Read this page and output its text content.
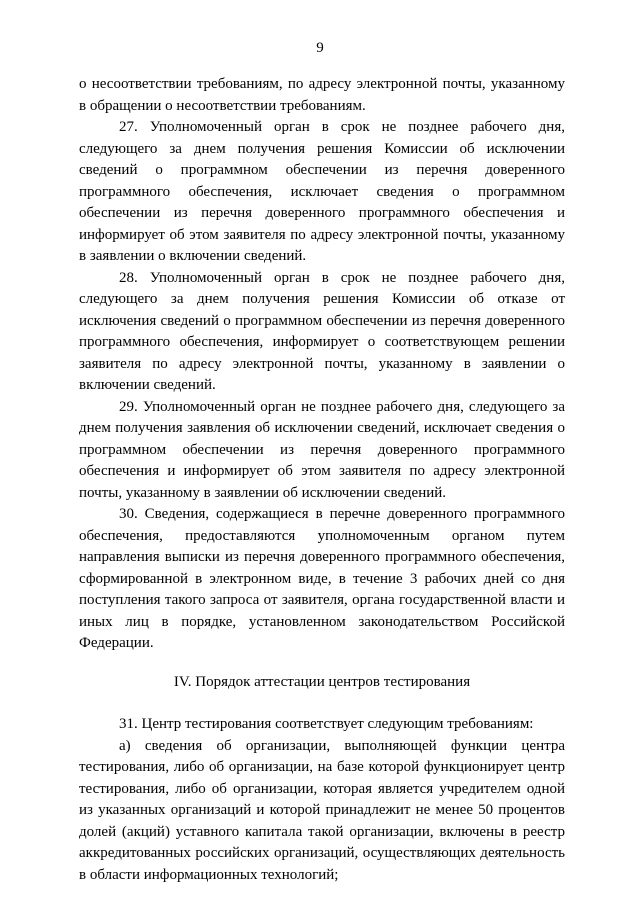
9

о несоответствии требованиям, по адресу электронной почты, указанному в обращении о несоответствии требованиям.

27. Уполномоченный орган в срок не позднее рабочего дня, следующего за днем получения решения Комиссии об исключении сведений о программном обеспечении из перечня доверенного программного обеспечения, исключает сведения о программном обеспечении из перечня доверенного программного обеспечения и информирует об этом заявителя по адресу электронной почты, указанному в заявлении о включении сведений.

28. Уполномоченный орган в срок не позднее рабочего дня, следующего за днем получения решения Комиссии об отказе от исключения сведений о программном обеспечении из перечня доверенного программного обеспечения, информирует о соответствующем решении заявителя по адресу электронной почты, указанному в заявлении о включении сведений.

29. Уполномоченный орган не позднее рабочего дня, следующего за днем получения заявления об исключении сведений, исключает сведения о программном обеспечении из перечня доверенного программного обеспечения и информирует об этом заявителя по адресу электронной почты, указанному в заявлении об исключении сведений.

30. Сведения, содержащиеся в перечне доверенного программного обеспечения, предоставляются уполномоченным органом путем направления выписки из перечня доверенного программного обеспечения, сформированной в электронном виде, в течение 3 рабочих дней со дня поступления такого запроса от заявителя, органа государственной власти и иных лиц в порядке, установленном законодательством Российской Федерации.

IV. Порядок аттестации центров тестирования

31. Центр тестирования соответствует следующим требованиям:

а) сведения об организации, выполняющей функции центра тестирования, либо об организации, на базе которой функционирует центр тестирования, либо об организации, которая является учредителем одной из указанных организаций и которой принадлежит не менее 50 процентов долей (акций) уставного капитала такой организации, включены в реестр аккредитованных российских организаций, осуществляющих деятельность в области информационных технологий;
